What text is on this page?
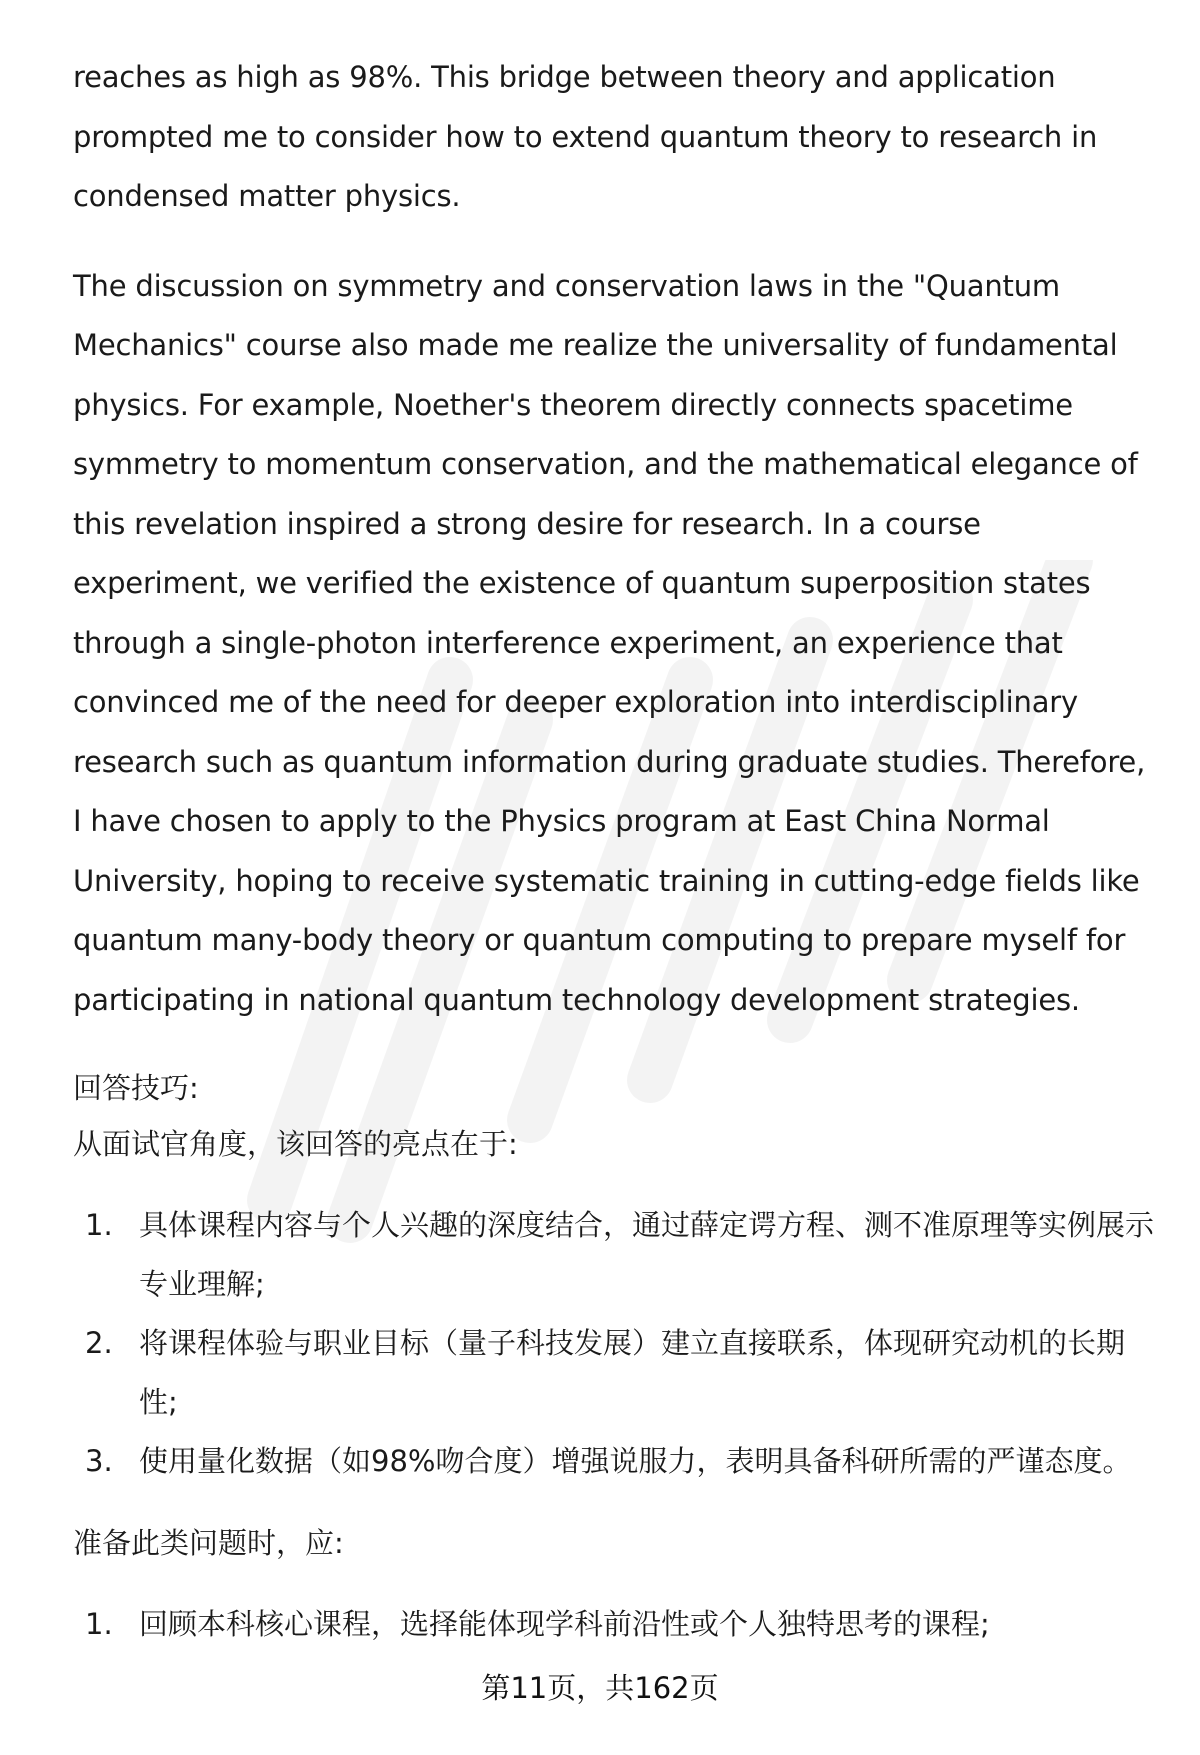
reaches as high as 98%. This bridge between theory and application prompted me to consider how to extend quantum theory to research in condensed matter physics.

The discussion on symmetry and conservation laws in the "Quantum Mechanics" course also made me realize the universality of fundamental physics. For example, Noether's theorem directly connects spacetime symmetry to momentum conservation, and the mathematical elegance of this revelation inspired a strong desire for research. In a course experiment, we verified the existence of quantum superposition states through a single-photon interference experiment, an experience that convinced me of the need for deeper exploration into interdisciplinary research such as quantum information during graduate studies. Therefore, I have chosen to apply to the Physics program at East China Normal University, hoping to receive systematic training in cutting-edge fields like quantum many-body theory or quantum computing to prepare myself for participating in national quantum technology development strategies.

回答技巧:

从面试官角度，该回答的亮点在于:

1. 具体课程内容与个人兴趣的深度结合，通过薛定谔方程、测不准原理等实例展示专业理解;
2. 将课程体验与职业目标（量子科技发展）建立直接联系，体现研究动机的长期性;
3. 使用量化数据（如98%吻合度）增强说服力，表明具备科研所需的严谨态度。

准备此类问题时，应:

1. 回顾本科核心课程，选择能体现学科前沿性或个人独特思考的课程;
第11页，共162页
